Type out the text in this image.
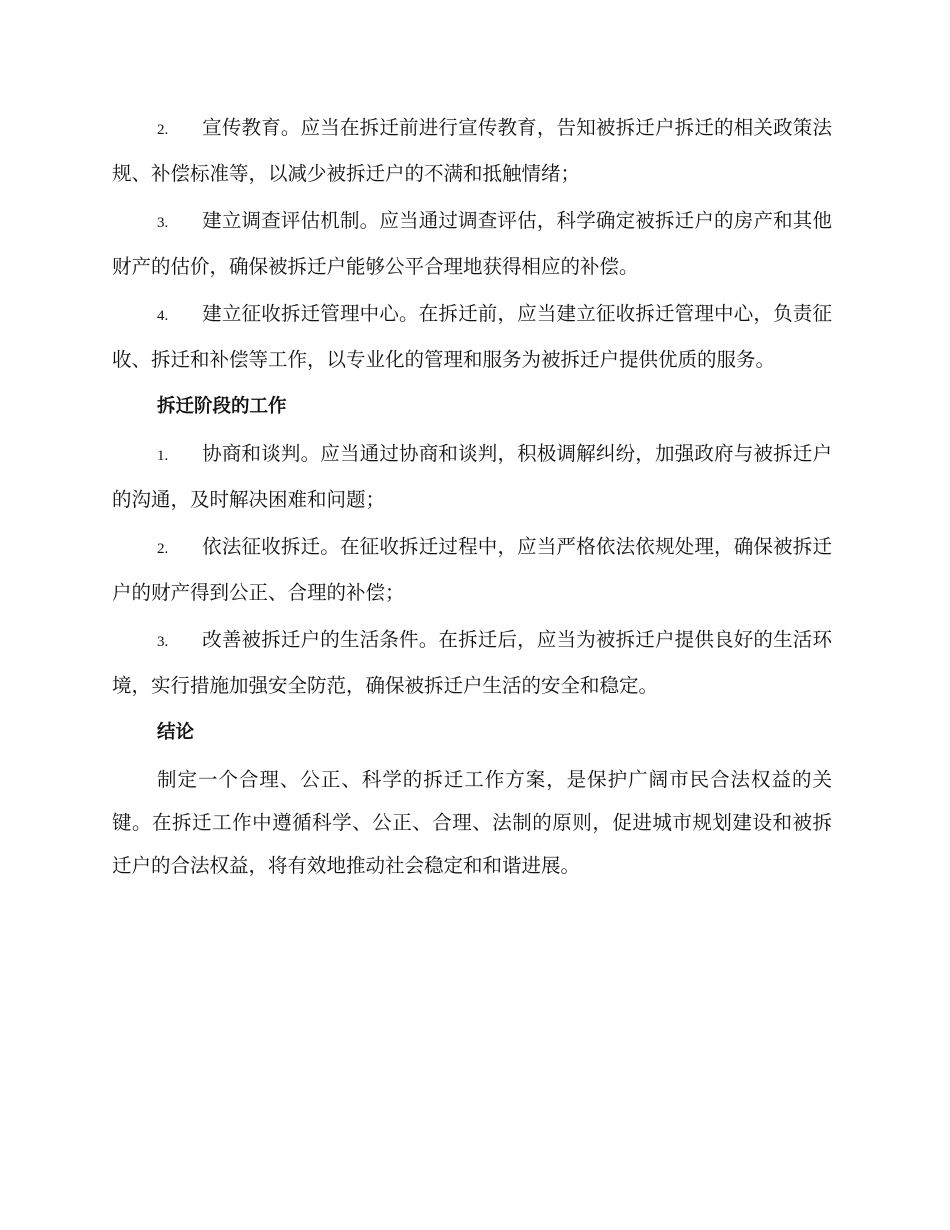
2. 宣传教育。应当在拆迁前进行宣传教育，告知被拆迁户拆迁的相关政策法规、补偿标准等，以减少被拆迁户的不满和抵触情绪；
3. 建立调查评估机制。应当通过调查评估，科学确定被拆迁户的房产和其他财产的估价，确保被拆迁户能够公平合理地获得相应的补偿。
4. 建立征收拆迁管理中心。在拆迁前，应当建立征收拆迁管理中心，负责征收、拆迁和补偿等工作，以专业化的管理和服务为被拆迁户提供优质的服务。
拆迁阶段的工作
1. 协商和谈判。应当通过协商和谈判，积极调解纠纷，加强政府与被拆迁户的沟通，及时解决困难和问题；
2. 依法征收拆迁。在征收拆迁过程中，应当严格依法依规处理，确保被拆迁户的财产得到公正、合理的补偿；
3. 改善被拆迁户的生活条件。在拆迁后，应当为被拆迁户提供良好的生活环境，实行措施加强安全防范，确保被拆迁户生活的安全和稳定。
结论

制定一个合理、公正、科学的拆迁工作方案，是保护广阔市民合法权益的关键。在拆迁工作中遵循科学、公正、合理、法制的原则，促进城市规划建设和被拆迁户的合法权益，将有效地推动社会稳定和和谐进展。
